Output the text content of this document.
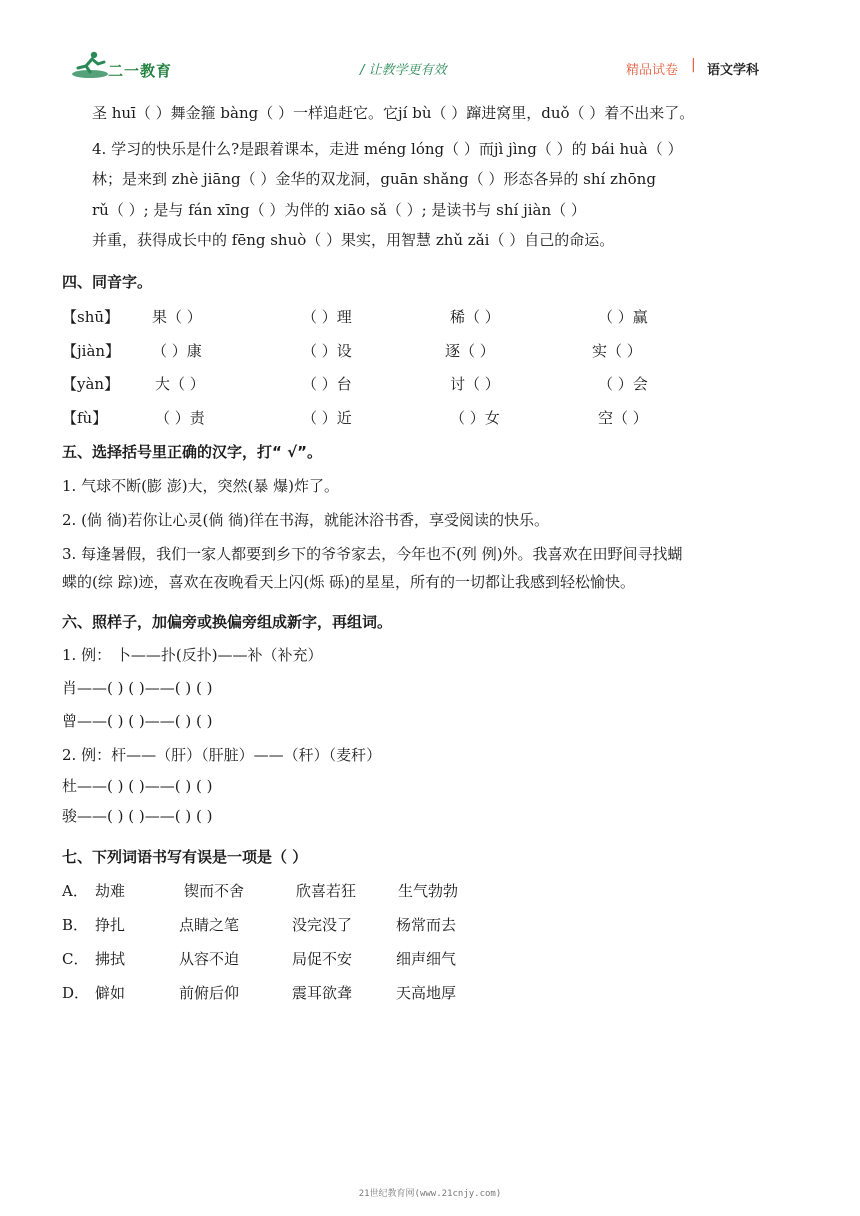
二一教育	/ 让教学更有效	精品试卷 | 语文学科
圣 huī（ ）舞金箍 bàng（ ）一样追赶它。它jí bù（ ）蹿进窝里，duǒ（ ）着不出来了。
4. 学习的快乐是什么?是跟着课本，走进 méng lóng（ ）而jì jìng（ ）的 bái huà（ ）
林；是来到 zhè jiāng（ ）金华的双龙洞，guān shǎng（ ）形态各异的 shí zhōng
rǔ（ ）; 是与 fán xīng（ ）为伴的 xiāo sǎ（ ）; 是读书与 shí jiàn（ ）
并重，获得成长中的 fēng shuò（ ）果实，用智慧 zhǔ zǎi（ ）自己的命运。
四、同音字。
【shū】 果（ ）	（ ）理	稀（ ）	（ ）赢
【jiàn】 （ ）康	（ ）设	逐（ ）	实（ ）
【yàn】 大（ ）	（ ）台	讨（ ）	（ ）会
【fù】	（ ）责	（ ）近	（ ）女	空（ ）
五、选择括号里正确的汉字，打“ √”。
1. 气球不断(膨 澎)大，突然(暴 爆)炸了。
2. (倘 徜)若你让心灵(倘 徜)徉在书海，就能沐浴书香，享受阅读的快乐。
3. 每逢暑假，我们一家人都要到乡下的爷爷家去，今年也不(列 例)外。我喜欢在田野间寻找蝴
蝶的(综 踪)迹，喜欢在夜晚看天上闪(烁 砾)的星星，所有的一切都让我感到轻松愉快。
六、照样子，加偏旁或换偏旁组成新字，再组词。
1. 例： 卜——扑(反扑)——补（补充）
肖——( ) ( )——( ) ( )
曾——( ) ( )——( ) ( )
2. 例：杆——（肝）（肝脏）——（秆）（麦秆）
杜——( ) ( )——( ) ( )
骏——( ) ( )——( ) ( )
七、下列词语书写有误是一项是（ ）
A． 劫难	锲而不舍	欣喜若狂	生气勃勃
B． 挣扎	点睛之笔	没完没了	杨常而去
C． 拂拭	从容不迫	局促不安	细声细气
D． 僻如	前俯后仰	震耳欲聋	天高地厚
21世纪教育网(www.21cnjy.com)
